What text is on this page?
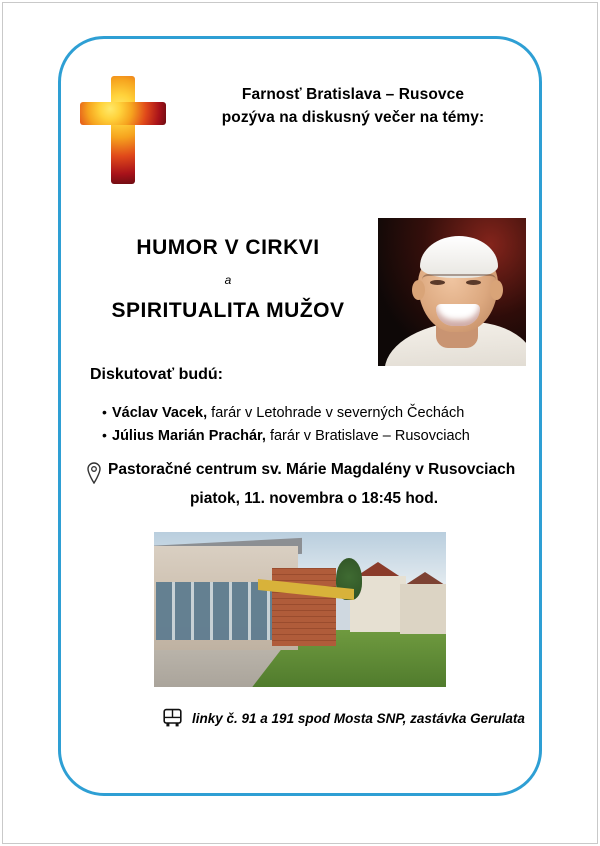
Farnosť Bratislava – Rusovce
pozýva na diskusný večer na témy:
HUMOR V CIRKVI
a
SPIRITUALITA MUŽOV
Diskutovať budú:
• Václav Vacek, farár v Letohrade v severných Čechách
• Július Marián Prachár, farár v Bratislave – Rusovciach
Pastoračné centrum sv. Márie Magdalény v Rusovciach
piatok, 11. novembra o 18:45 hod.
linky č. 91 a 191 spod Mosta SNP, zastávka Gerulata
